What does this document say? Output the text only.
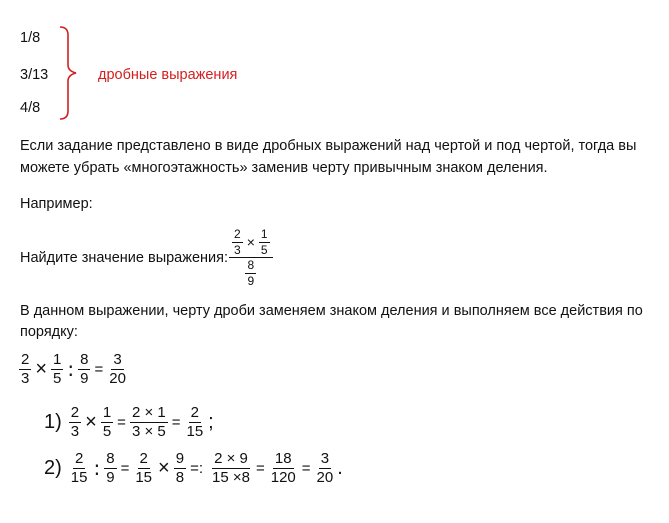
1/8
3/13
4/8
дробные выражения
Если задание представлено в виде дробных выражений над чертой и под чертой, тогда вы
можете убрать «многоэтажность» заменив черту привычным знаком деления.
Например:
Найдите значение выражения: $\frac{\frac{2}{3} \times \frac{1}{5}}{\frac{8}{9}}$
В данном выражении, черту дроби заменяем знаком деления и выполняем все действия по
порядку:
$\frac{2}{3} \times \frac{1}{5}$ : $\frac{8}{9} = \frac{3}{20}$
$1) \frac{2}{3} \times \frac{1}{5} = \frac{2 \times 1}{3 \times 5} = \frac{2}{15}$ ;
$2) \frac{2}{15}$ : $\frac{8}{9} = \frac{2}{15} \times \frac{9}{8}$ =: $\frac{2 \times 9}{15 \times 8} = \frac{18}{120} = \frac{3}{20}$ .
